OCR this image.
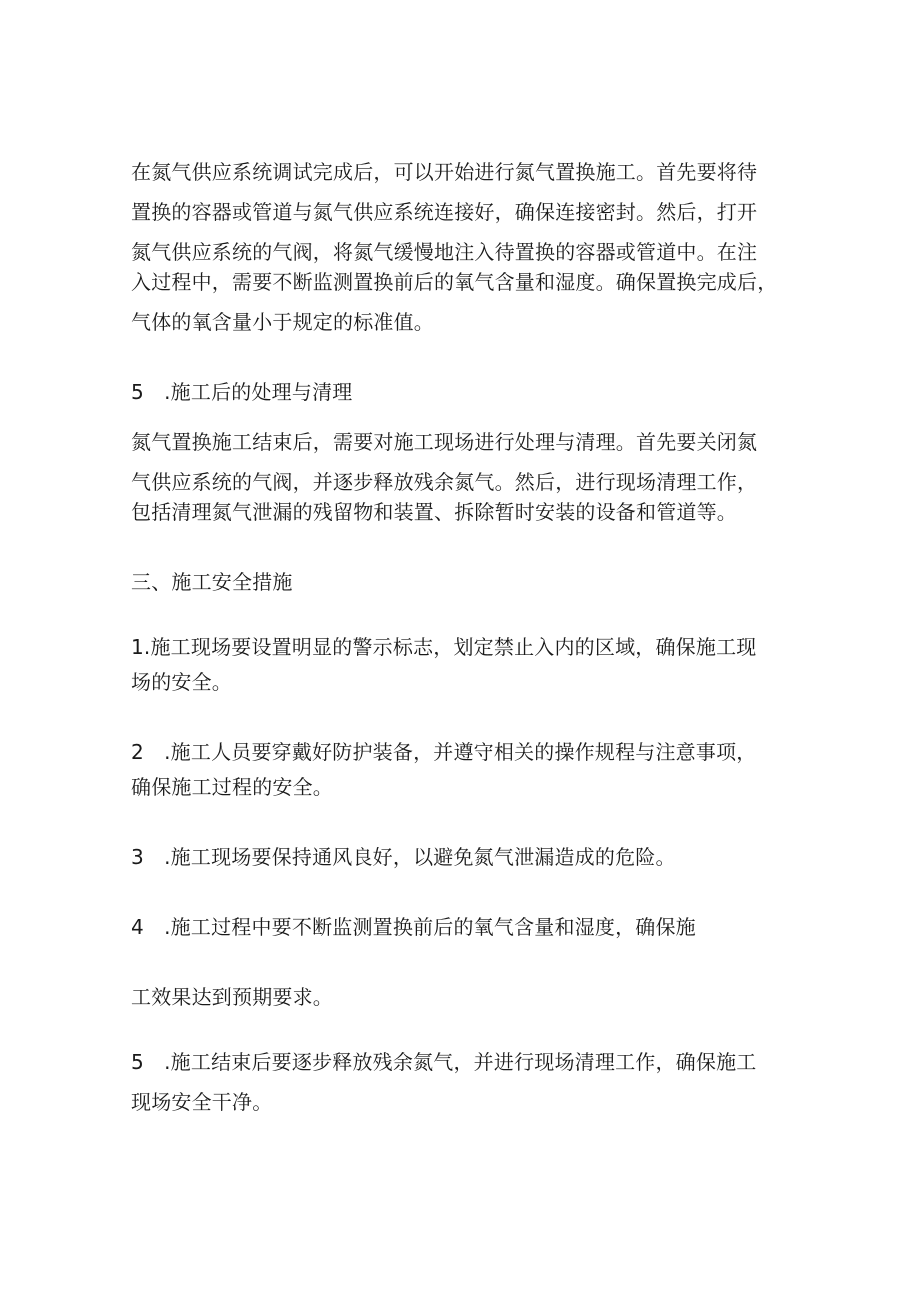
在氮气供应系统调试完成后，可以开始进行氮气置换施工。首先要将待

置换的容器或管道与氮气供应系统连接好，确保连接密封。然后，打开

氮气供应系统的气阀，将氮气缓慢地注入待置换的容器或管道中。在注

入过程中，需要不断监测置换前后的氧气含量和湿度。确保置换完成后，

气体的氧含量小于规定的标准值。

5　.施工后的处理与清理

氮气置换施工结束后，需要对施工现场进行处理与清理。首先要关闭氮

气供应系统的气阀，并逐步释放残余氮气。然后，进行现场清理工作，

包括清理氮气泄漏的残留物和装置、拆除暂时安装的设备和管道等。

三、施工安全措施

1.施工现场要设置明显的警示标志，划定禁止入内的区域，确保施工现

场的安全。

2　.施工人员要穿戴好防护装备，并遵守相关的操作规程与注意事项，

确保施工过程的安全。

3　.施工现场要保持通风良好，以避免氮气泄漏造成的危险。

4　.施工过程中要不断监测置换前后的氧气含量和湿度，确保施

工效果达到预期要求。

5　.施工结束后要逐步释放残余氮气，并进行现场清理工作，确保施工

现场安全干净。
